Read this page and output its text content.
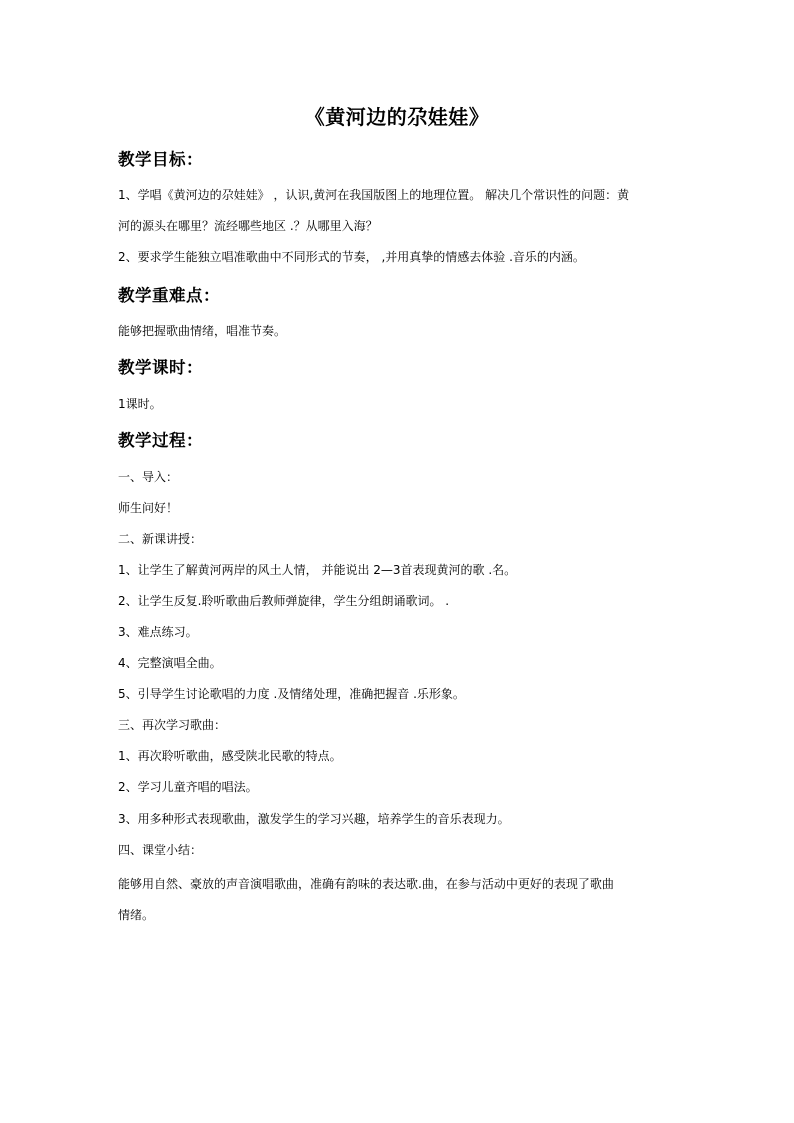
《黄河边的尕娃娃》
教学目标：
1、学唱《黄河边的尕娃娃》 ，认识,黄河在我国版图上的地理位置。 解决几个常识性的问题：黄
河的源头在哪里？流经哪些地区 .？从哪里入海？
2、要求学生能独立唱准歌曲中不同形式的节奏， ,并用真挚的情感去体验 .音乐的内涵。
教学重难点：
能够把握歌曲情绪，唱准节奏。
教学课时：
1课时。
教学过程：
一、导入：
师生问好！
二、新课讲授：
1、让学生了解黄河两岸的风土人情， 并能说出 2—3首表现黄河的歌 .名。
2、让学生反复.聆听歌曲后教师弹旋律，学生分组朗诵歌词。 .
3、难点练习。
4、完整演唱全曲。
5、引导学生讨论歌唱的力度 .及情绪处理，准确把握音 .乐形象。
三、再次学习歌曲：
1、再次聆听歌曲，感受陕北民歌的特点。
2、学习儿童齐唱的唱法。
3、用多种形式表现歌曲，激发学生的学习兴趣，培养学生的音乐表现力。
四、课堂小结：
能够用自然、豪放的声音演唱歌曲，准确有韵味的表达歌.曲，在参与活动中更好的表现了歌曲
情绪。
